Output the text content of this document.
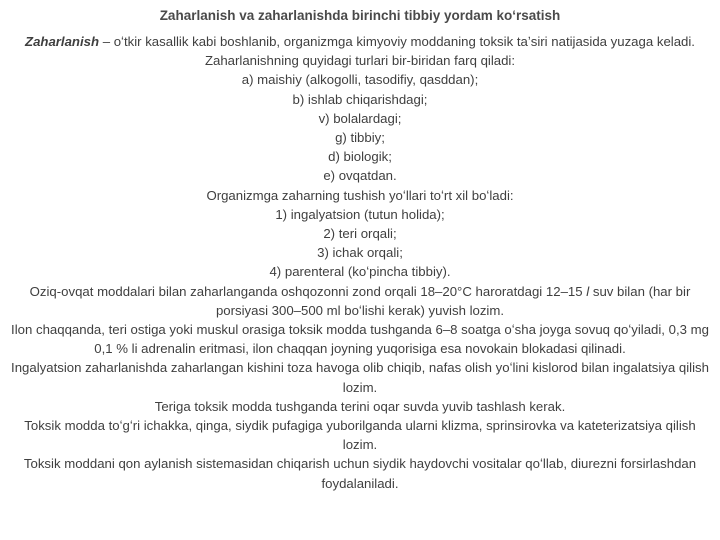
Zaharlanish va zaharlanishda birinchi tibbiy yordam koʻrsatish

Zaharlanish – oʻtkir kasallik kabi boshlanib, organizmga kimyoviy moddaning toksik taʼsiri natijasida yuzaga keladi.

Zaharlanishning quyidagi turlari bir-biridan farq qiladi:

a) maishiy (alkogolli, tasodifiy, qasddan);

b) ishlab chiqarishdagi;

v) bolalardagi;

g) tibbiy;

d) biologik;

e) ovqatdan.

Organizmga zaharning tushish yoʻllari toʻrt xil boʻladi:

1) ingalyatsion (tutun holida);

2) teri orqali;

3) ichak orqali;

4) parenteral (koʻpincha tibbiy).

Oziq-ovqat moddalari bilan zaharlanganda oshqozonni zond orqali 18–20°C haroratdagi 12–15 l suv bilan (har bir porsiyasi 300–500 ml boʻlishi kerak) yuvish lozim.

Ilon chaqqanda, teri ostiga yoki muskul orasiga toksik modda tushganda 6–8 soatga oʻsha joyga sovuq qoʻyiladi, 0,3 mg 0,1 % li adrenalin eritmasi, ilon chaqqan joyning yuqorisiga esa novokain blokadasi qilinadi.

Ingalyatsion zaharlanishda zaharlangan kishini toza havoga olib chiqib, nafas olish yoʻlini kislorod bilan ingalatsiya qilish lozim.

Teriga toksik modda tushganda terini oqar suvda yuvib tashlash kerak.

Toksik modda toʻgʻri ichakka, qinga, siydik pufagiga yuborilganda ularni klizma, sprinsirovka va kateterizatsiya qilish lozim.

Toksik moddani qon aylanish sistemasidan chiqarish uchun siydik haydovchi vositalar qoʻllab, diurezni forsirlashdan foydalaniladi.
